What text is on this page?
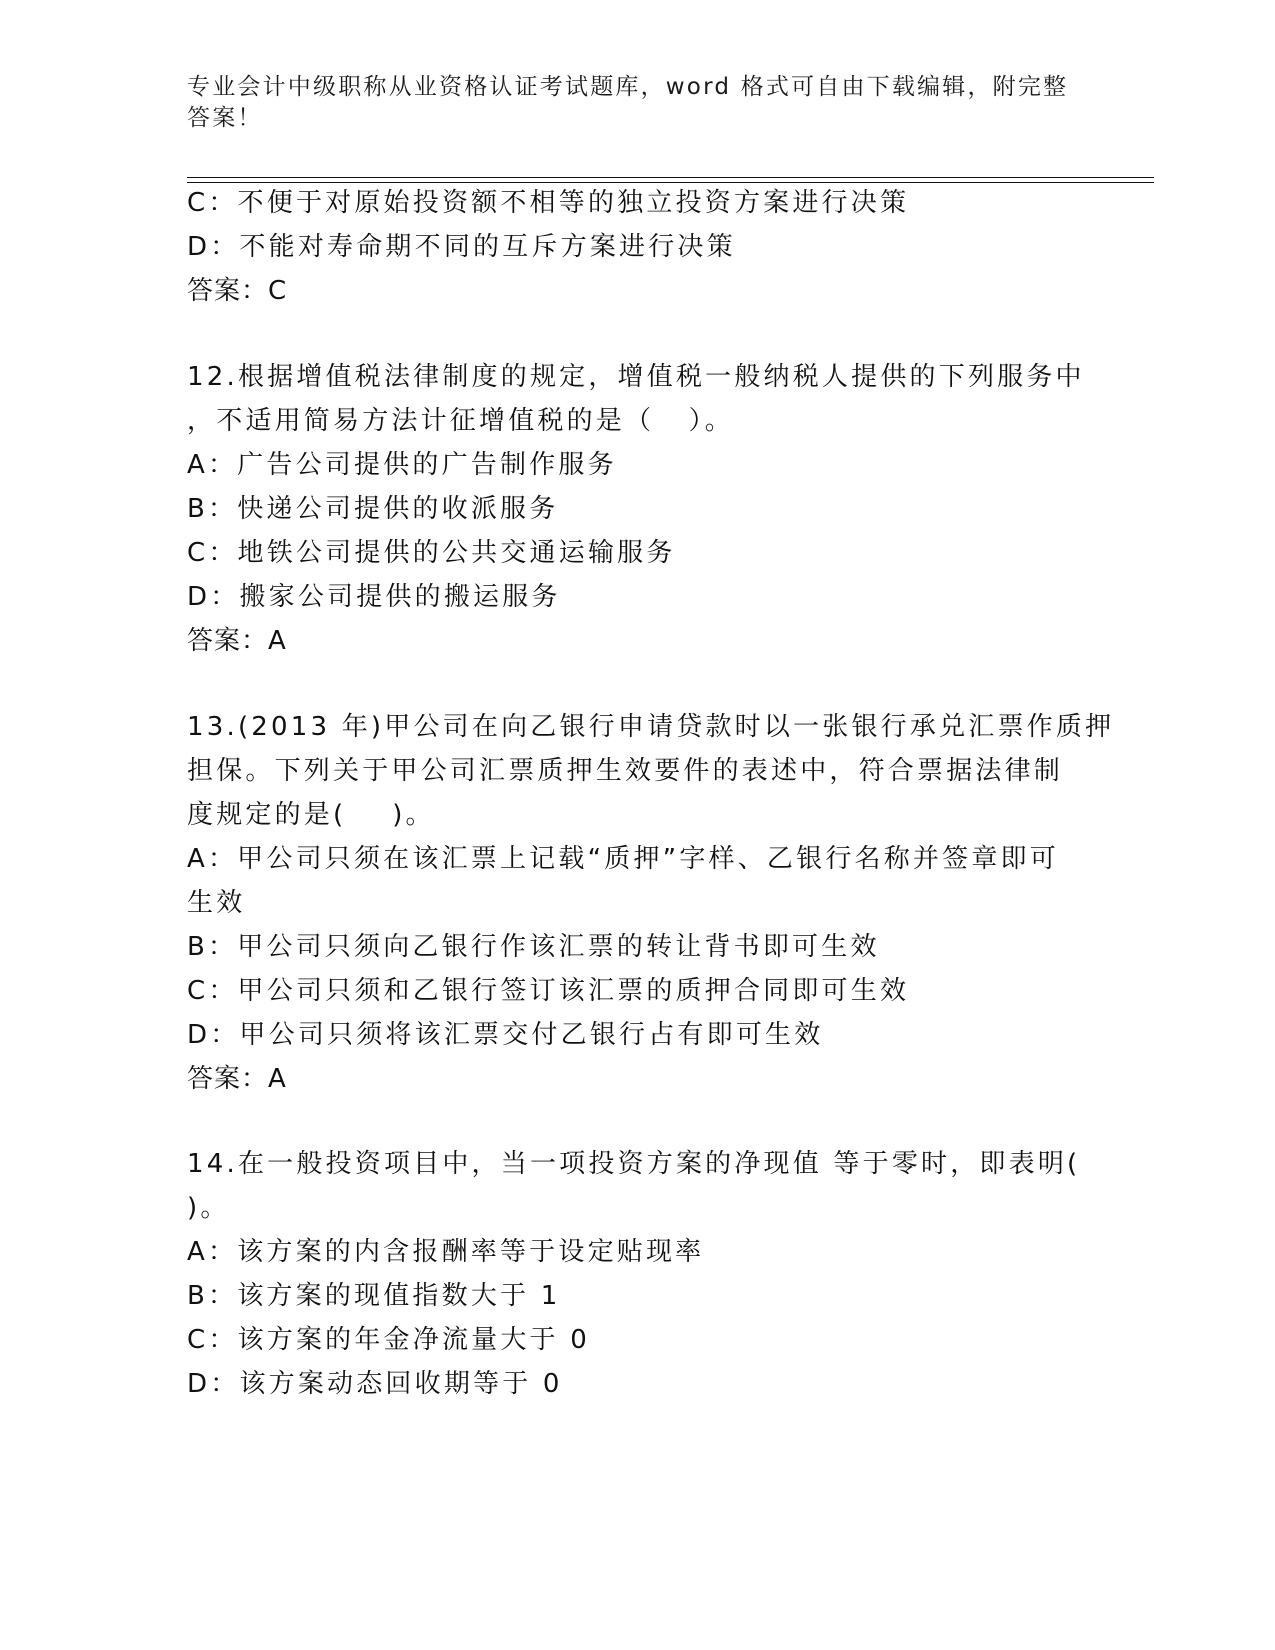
专业会计中级职称从业资格认证考试题库，word 格式可自由下载编辑，附完整答案！
C：不便于对原始投资额不相等的独立投资方案进行决策
D：不能对寿命期不同的互斥方案进行决策
答案：C
12.根据增值税法律制度的规定，增值税一般纳税人提供的下列服务中
，不适用简易方法计征增值税的是（   ）。
A：广告公司提供的广告制作服务
B：快递公司提供的收派服务
C：地铁公司提供的公共交通运输服务
D：搬家公司提供的搬运服务
答案：A
13.(2013 年)甲公司在向乙银行申请贷款时以一张银行承兑汇票作质押
担保。下列关于甲公司汇票质押生效要件的表述中，符合票据法律制
度规定的是(    )。
A：甲公司只须在该汇票上记载“质押”字样、乙银行名称并签章即可
生效
B：甲公司只须向乙银行作该汇票的转让背书即可生效
C：甲公司只须和乙银行签订该汇票的质押合同即可生效
D：甲公司只须将该汇票交付乙银行占有即可生效
答案：A
14.在一般投资项目中，当一项投资方案的净现值 等于零时，即表明(
)。
A：该方案的内含报酬率等于设定贴现率
B：该方案的现值指数大于 1
C：该方案的年金净流量大于 0
D：该方案动态回收期等于 0
